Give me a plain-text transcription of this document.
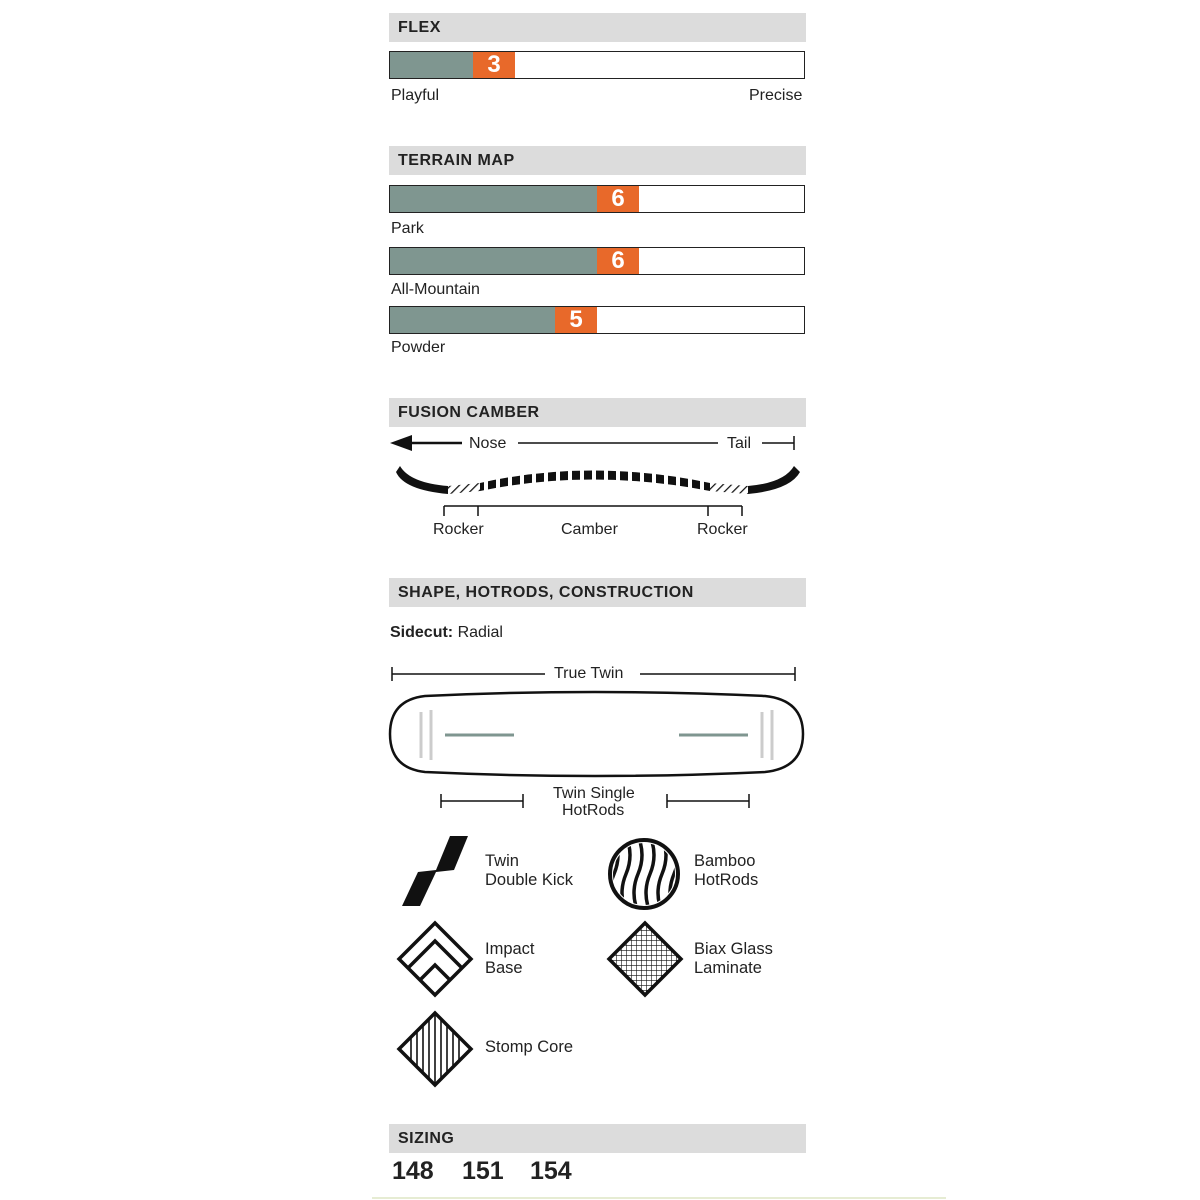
FLEX
3
Playful	Precise
TERRAIN MAP
6
Park
6
All-Mountain
5
Powder
FUSION CAMBER
Nose	Tail
Rocker	Camber	Rocker
SHAPE, HOTRODS, CONSTRUCTION
Sidecut: Radial
True Twin
Twin Single
HotRods
Twin
Double Kick
Bamboo
HotRods
Impact
Base
Biax Glass
Laminate
Stomp Core
SIZING
148 151 154
